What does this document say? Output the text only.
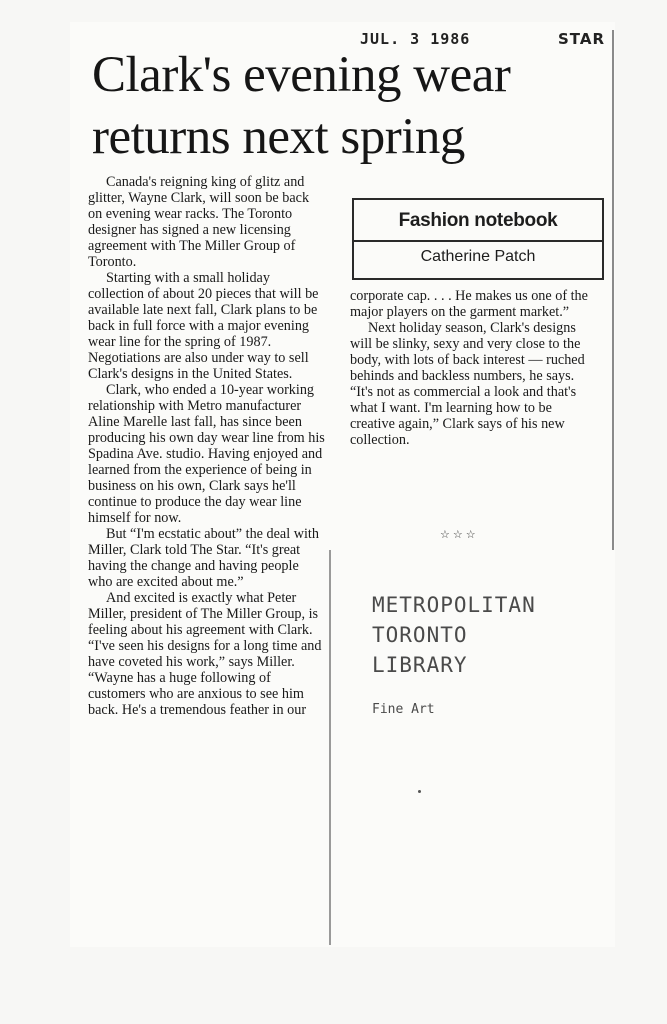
JUL. 3 1986	STAR
Clark's evening wear
returns next spring

Canada's reigning king of glitz and glitter, Wayne Clark, will soon be back on evening wear racks. The Toronto designer has signed a new licensing agreement with The Miller Group of Toronto.

Starting with a small holiday collection of about 20 pieces that will be available late next fall, Clark plans to be back in full force with a major evening wear line for the spring of 1987. Negotiations are also under way to sell Clark's designs in the United States.

Clark, who ended a 10-year working relationship with Metro manufacturer Aline Marelle last fall, has since been producing his own day wear line from his Spadina Ave. studio. Having enjoyed and learned from the experience of being in business on his own, Clark says he'll continue to produce the day wear line himself for now.

But “I'm ecstatic about” the deal with Miller, Clark told The Star. “It's great having the change and having people who are excited about me.”

And excited is exactly what Peter Miller, president of The Miller Group, is feeling about his agreement with Clark. “I've seen his designs for a long time and have coveted his work,” says Miller. “Wayne has a huge following of customers who are anxious to see him back. He's a tremendous feather in our

Fashion notebook
Catherine Patch

corporate cap. . . . He makes us one of the major players on the garment market.”

Next holiday season, Clark's designs will be slinky, sexy and very close to the body, with lots of back interest — ruched behinds and backless numbers, he says. “It's not as commercial a look and that's what I want. I'm learning how to be creative again,” Clark says of his new collection.

☆☆☆
METROPOLITAN
TORONTO
LIBRARY
Fine Art
